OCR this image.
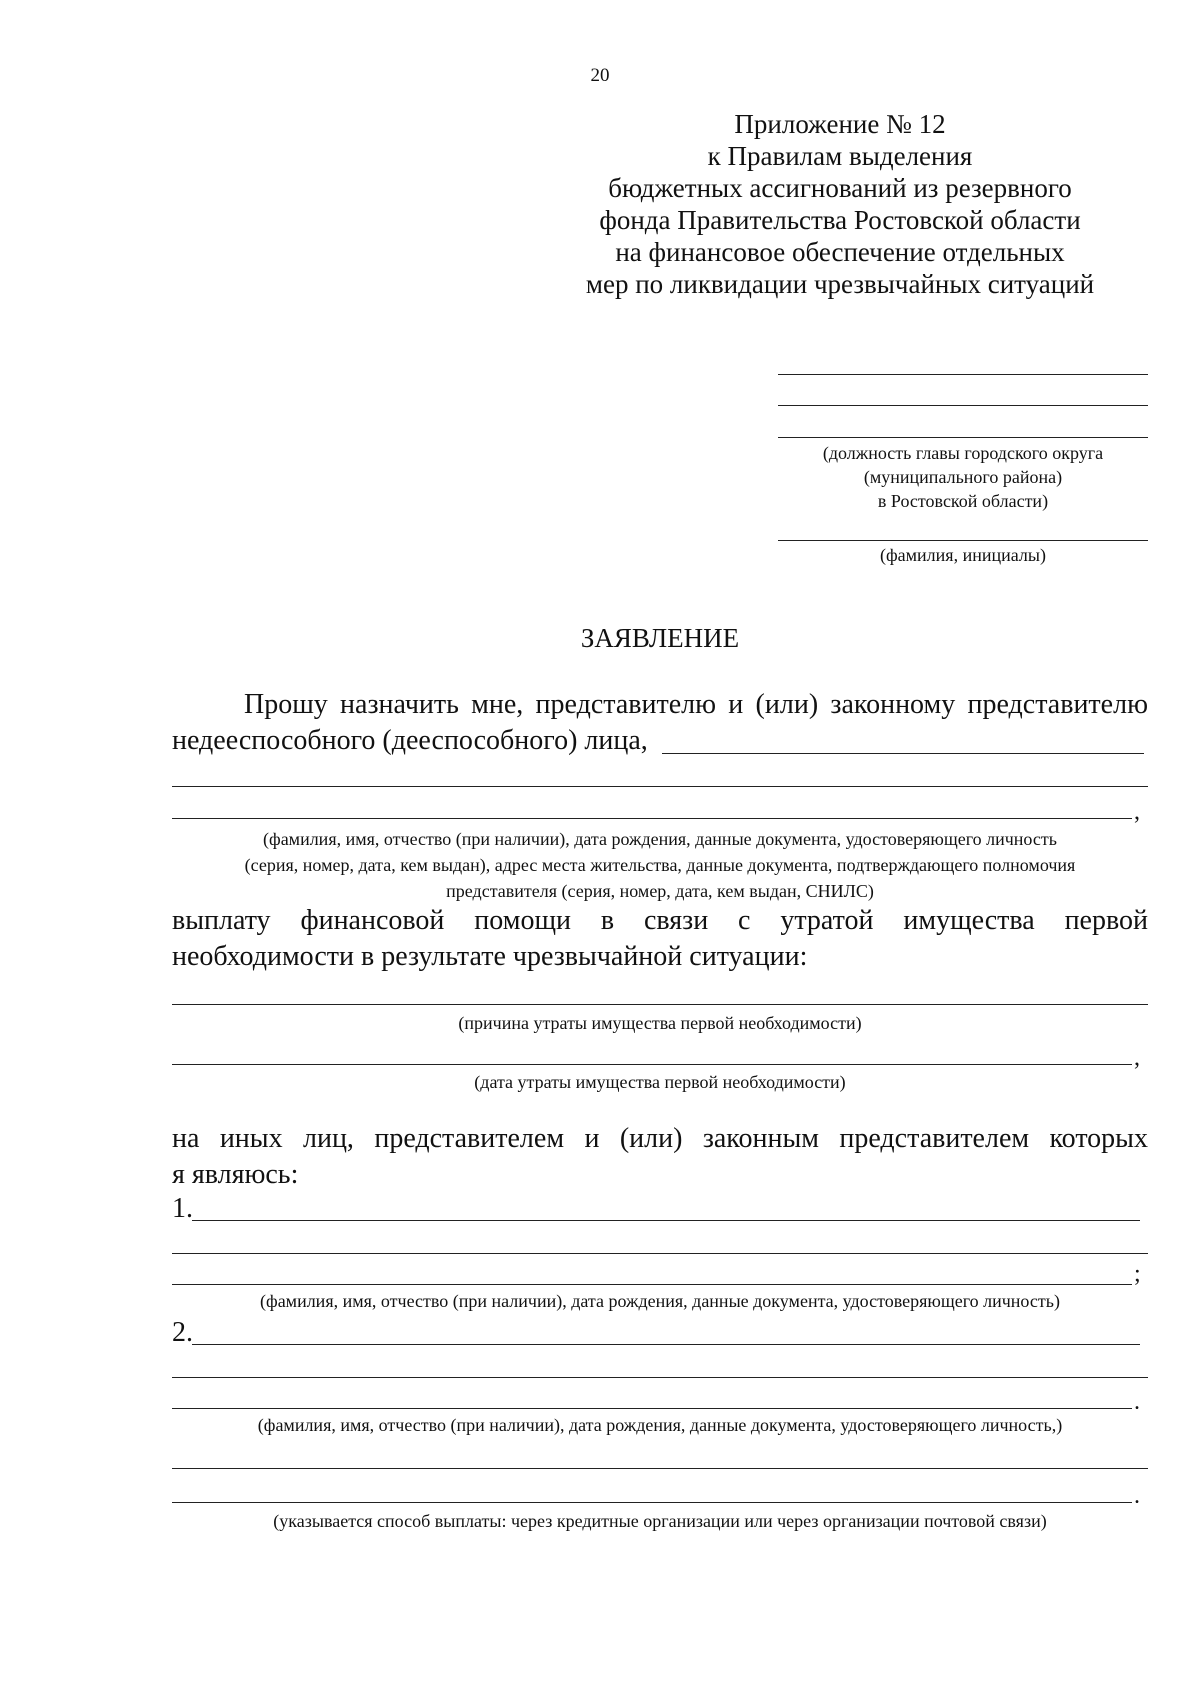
20
Приложение № 12
к Правилам выделения
бюджетных ассигнований из резервного
фонда Правительства Ростовской области
на финансовое обеспечение отдельных
мер по ликвидации чрезвычайных ситуаций
(должность главы городского округа
(муниципального района)
в Ростовской области)
(фамилия, инициалы)
ЗАЯВЛЕНИЕ
Прошу назначить мне, представителю и (или) законному представителю
недееспособного (дееспособного) лица,
,
(фамилия, имя, отчество (при наличии), дата рождения, данные документа, удостоверяющего личность
(серия, номер, дата, кем выдан), адрес места жительства, данные документа, подтверждающего полномочия
представителя (серия, номер, дата, кем выдан, СНИЛС)
выплату финансовой помощи в связи с утратой имущества первой
необходимости в результате чрезвычайной ситуации:
(причина утраты имущества первой необходимости)
,
(дата утраты имущества первой необходимости)
на иных лиц, представителем и (или) законным представителем которых
я являюсь:
1.
;
(фамилия, имя, отчество (при наличии), дата рождения, данные документа, удостоверяющего личность)
2.
.
(фамилия, имя, отчество (при наличии), дата рождения, данные документа, удостоверяющего личность,)
.
(указывается способ выплаты: через кредитные организации или через организации почтовой связи)
